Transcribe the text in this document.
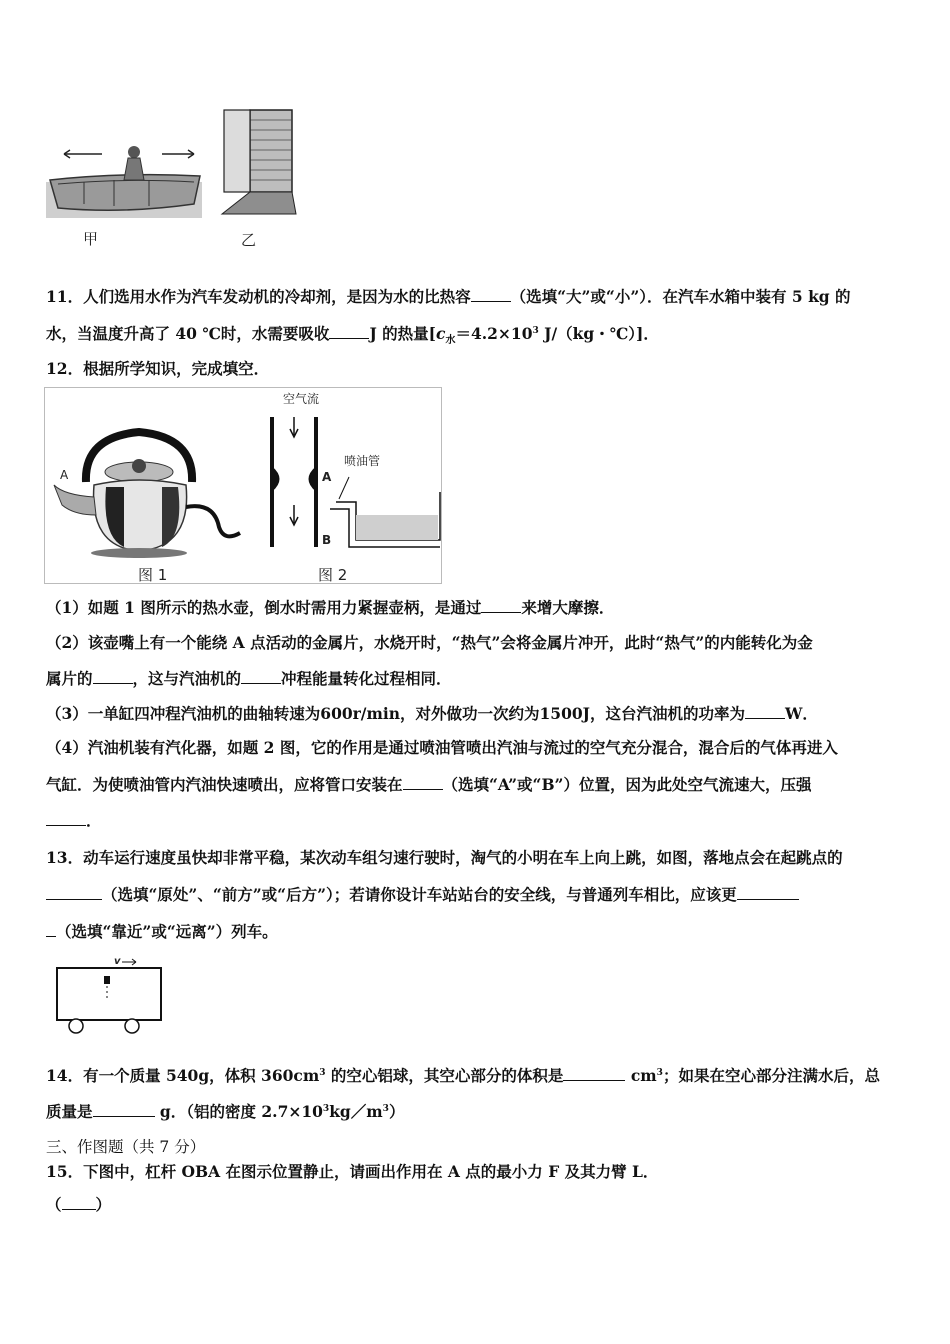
甲	乙
11．人们选用水作为汽车发动机的冷却剂，是因为水的比热容	（选填“大”或“小”）．在汽车水箱中装有 5 kg 的
水，当温度升高了 40 ℃时，水需要吸收	J 的热量[$c_水=4.2\times 10^3$ J/（kg・℃）]．
12．根据所学知识，完成填空．
空气流
喷油管
A
B
A
图 1	图 2
（1）如题 1 图所示的热水壶，倒水时需用力紧握壶柄，是通过	来增大摩擦．
（2）该壶嘴上有一个能绕 A 点活动的金属片，水烧开时，“热气”会将金属片冲开，此时“热气”的内能转化为金
属片的	，这与汽油机的	冲程能量转化过程相同．
（3）一单缸四冲程汽油机的曲轴转速为600r/min，对外做功一次约为1500J，这台汽油机的功率为	W．
（4）汽油机装有汽化器，如题 2 图，它的作用是通过喷油管喷出汽油与流过的空气充分混合，混合后的气体再进入
气缸．为使喷油管内汽油快速喷出，应将管口安装在	（选填“A”或“B”）位置，因为此处空气流速大，压强
．
13．动车运行速度虽快却非常平稳，某次动车组匀速行驶时，淘气的小明在车上向上跳，如图，落地点会在起跳点的
（选填“原处”、“前方”或“后方”）；若请你设计车站站台的安全线，与普通列车相比，应该更
（选填“靠近”或“远离”）列车。
v
14．有一个质量 540g，体积 $360cm^3$ 的空心铝球，其空心部分的体积是	$cm^3$；如果在空心部分注满水后，总
质量是	g．（铝的密度 $2.7\times 10^3kg/m^3$）
三、作图题（共 7 分）
15．下图中，杠杆 OBA 在图示位置静止，请画出作用在 A 点的最小力 F 及其力臂 L．
（ ）
